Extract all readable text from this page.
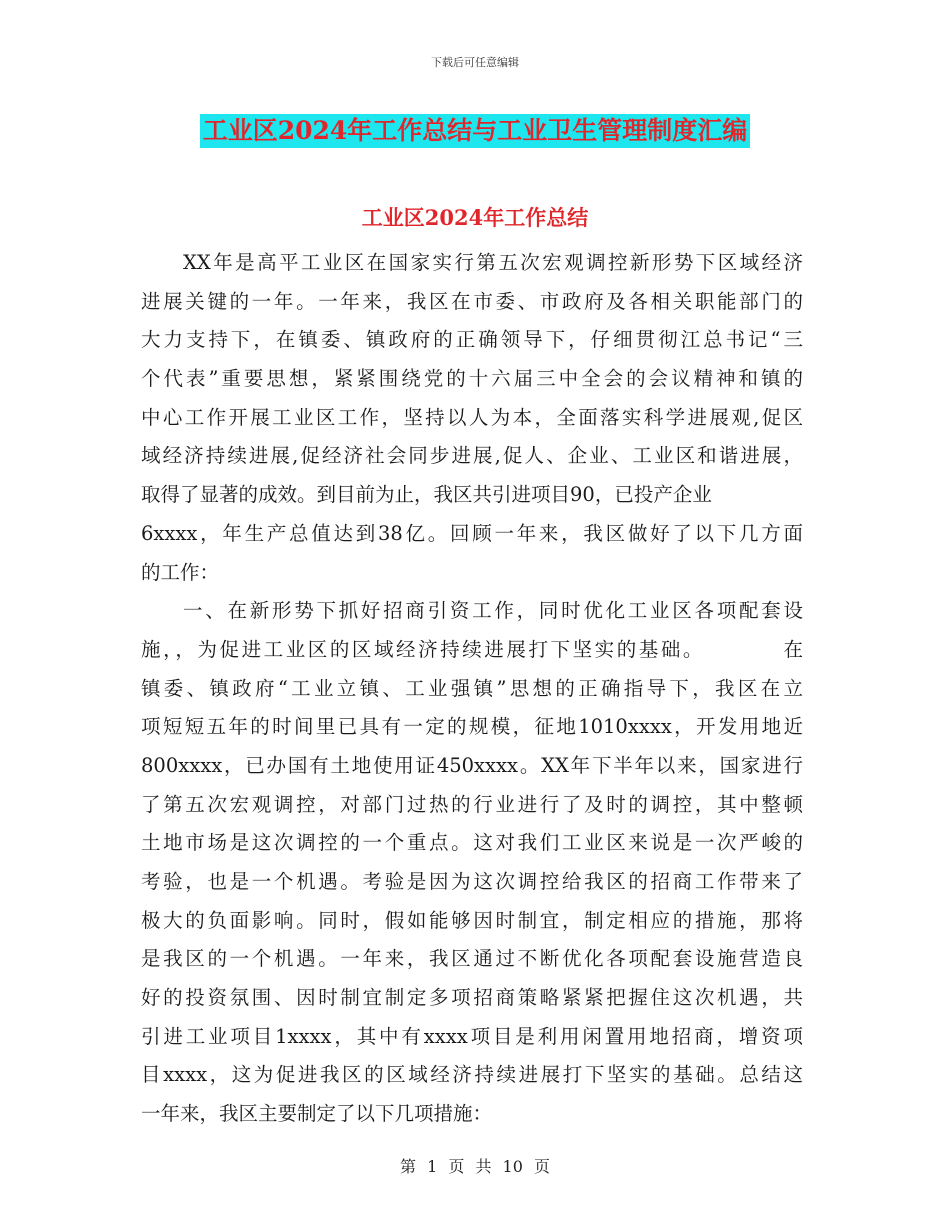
下载后可任意编辑
工业区2024年工作总结与工业卫生管理制度汇编
工业区2024年工作总结
XX年是高平工业区在国家实行第五次宏观调控新形势下区域经济
进展关键的一年。一年来，我区在市委、市政府及各相关职能部门的
大力支持下，在镇委、镇政府的正确领导下，仔细贯彻江总书记“三
个代表”重要思想，紧紧围绕党的十六届三中全会的会议精神和镇的
中心工作开展工业区工作，坚持以人为本，全面落实科学进展观,促区
域经济持续进展,促经济社会同步进展,促人、企业、工业区和谐进展，
取得了显著的成效。到目前为止，我区共引进项目90，已投产企业
6xxxx，年生产总值达到38亿。回顾一年来，我区做好了以下几方面
的工作：
一、在新形势下抓好招商引资工作，同时优化工业区各项配套设
施，，为促进工业区的区域经济持续进展打下坚实的基础。　　　　在
镇委、镇政府“工业立镇、工业强镇”思想的正确指导下，我区在立
项短短五年的时间里已具有一定的规模，征地1010xxxx，开发用地近
800xxxx，已办国有土地使用证450xxxx。XX年下半年以来，国家进行
了第五次宏观调控，对部门过热的行业进行了及时的调控，其中整顿
土地市场是这次调控的一个重点。这对我们工业区来说是一次严峻的
考验，也是一个机遇。考验是因为这次调控给我区的招商工作带来了
极大的负面影响。同时，假如能够因时制宜，制定相应的措施，那将
是我区的一个机遇。一年来，我区通过不断优化各项配套设施营造良
好的投资氛围、因时制宜制定多项招商策略紧紧把握住这次机遇，共
引进工业项目1xxxx，其中有xxxx项目是利用闲置用地招商，增资项
目xxxx，这为促进我区的区域经济持续进展打下坚实的基础。总结这
一年来，我区主要制定了以下几项措施：
第 1 页 共 10 页
